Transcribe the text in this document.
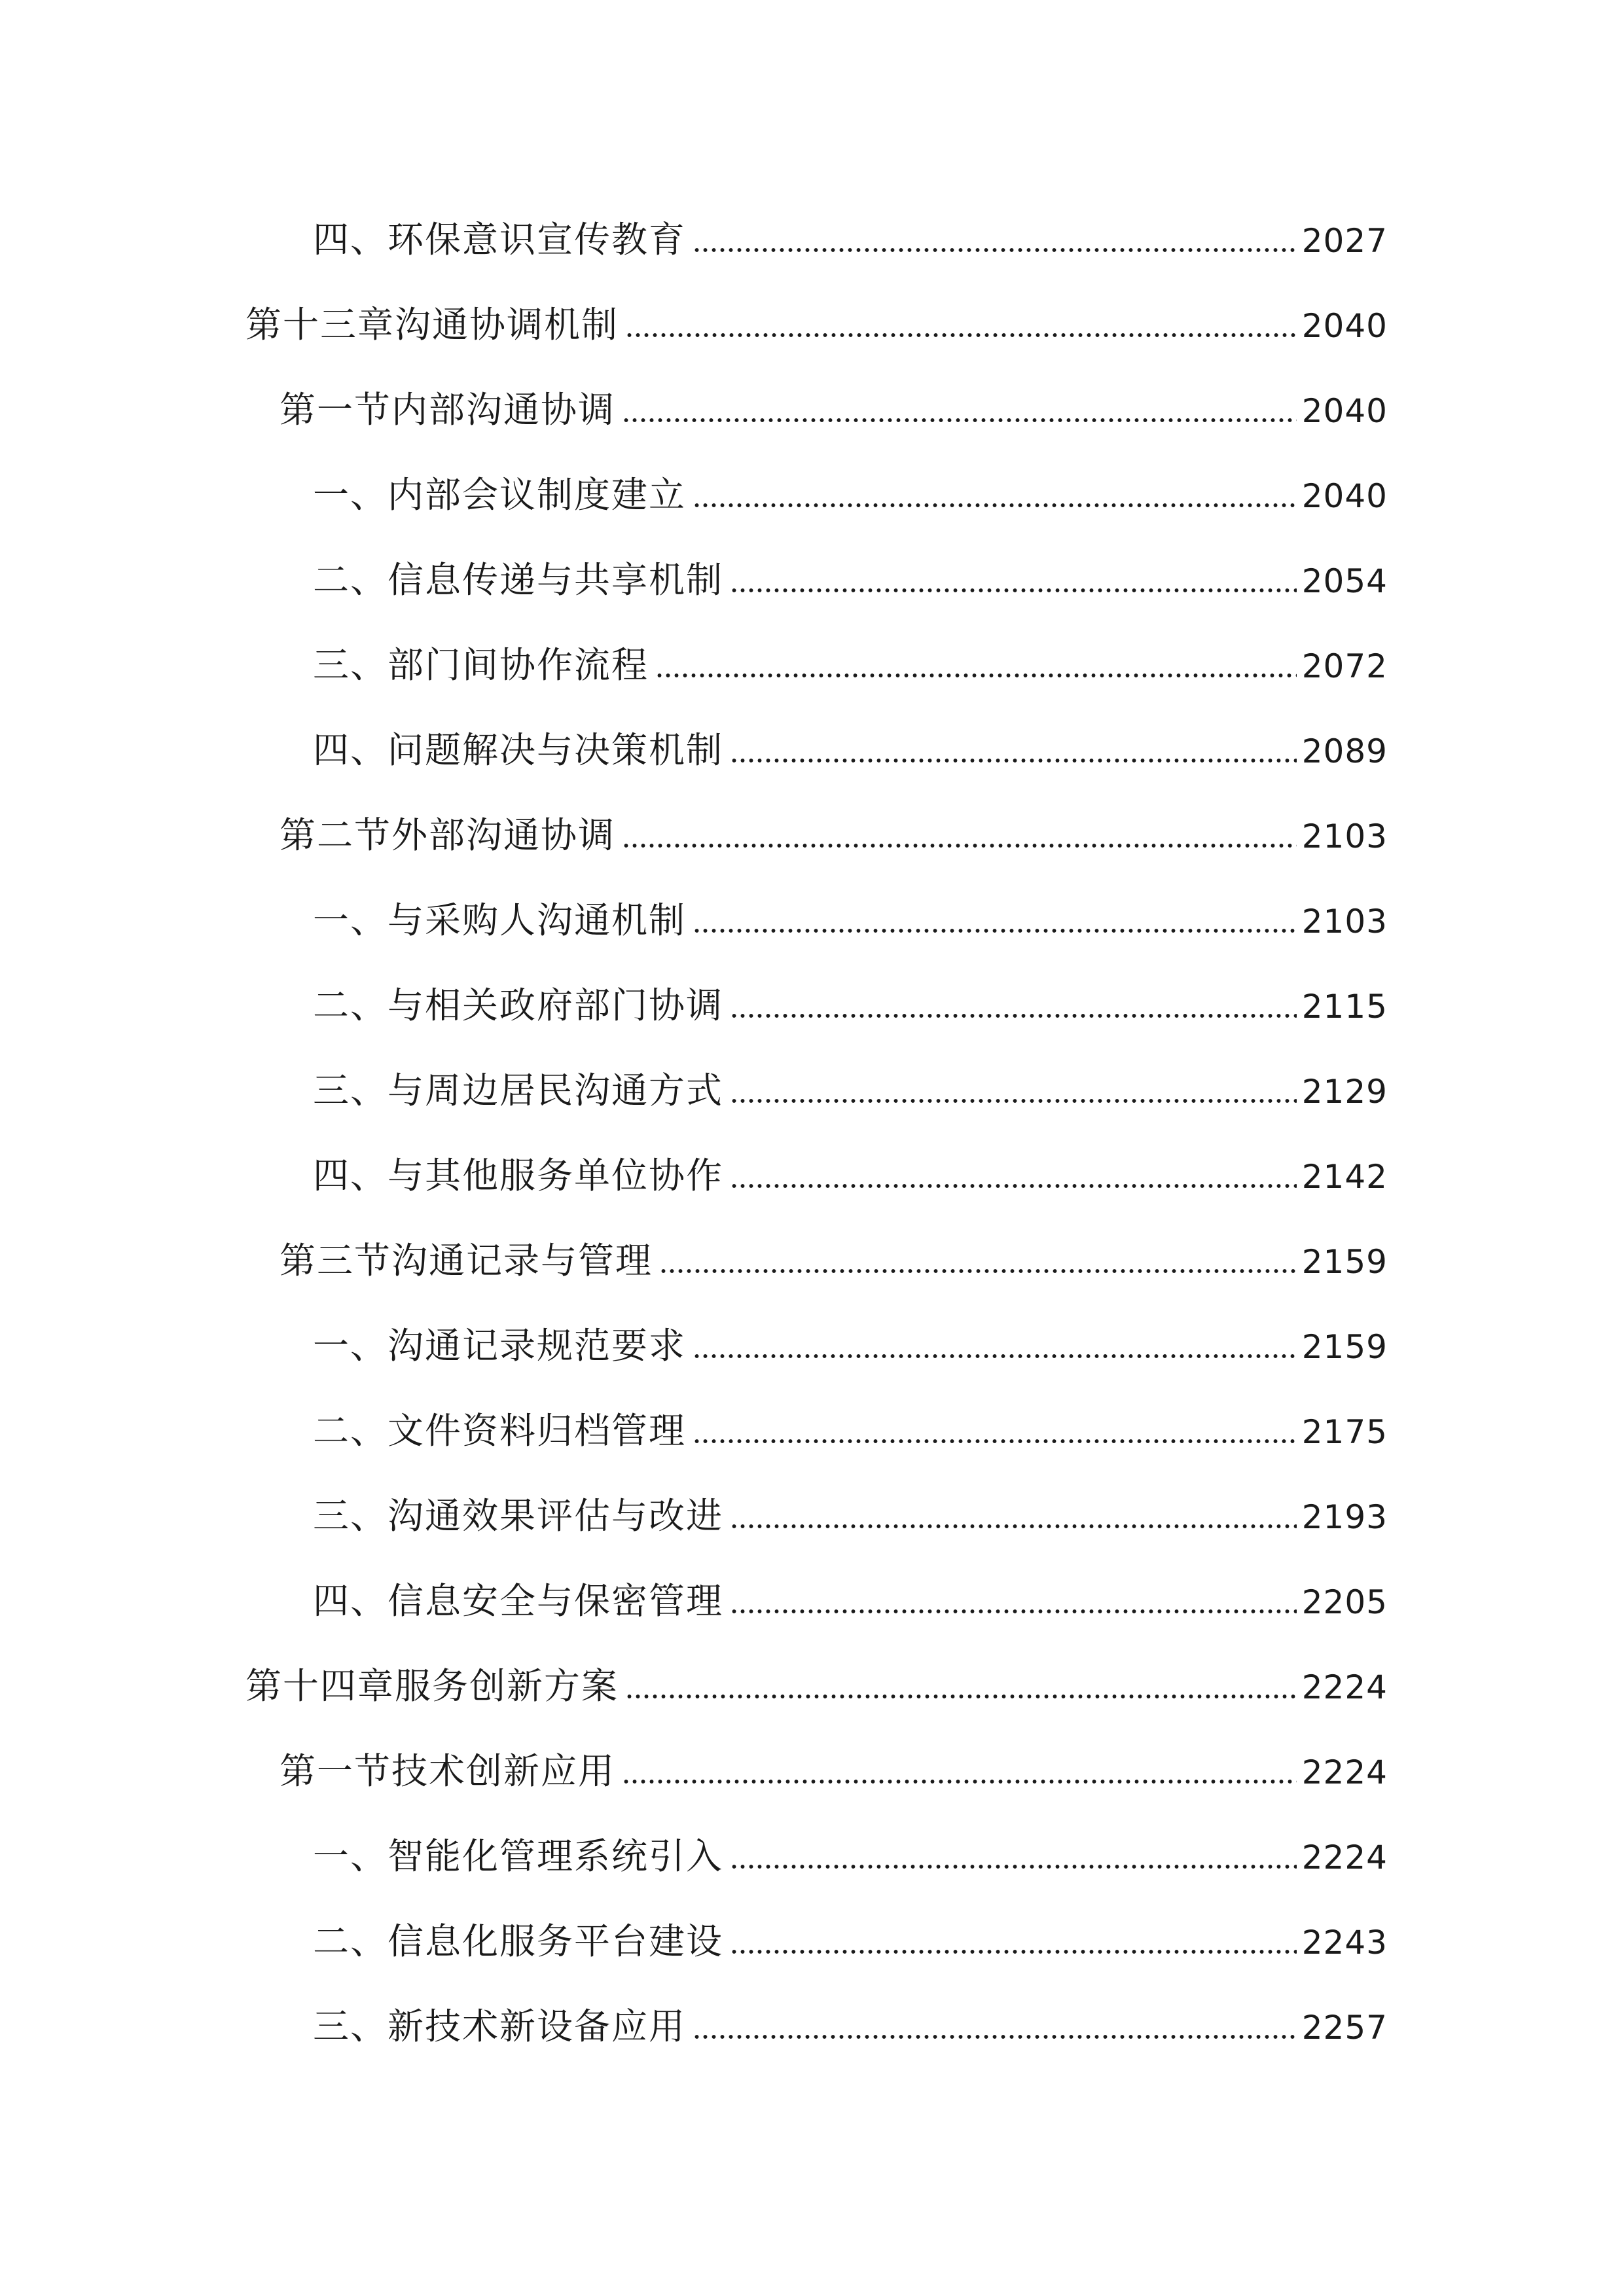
四、环保意识宣传教育	2027
第十三章沟通协调机制	2040
第一节内部沟通协调	2040
一、内部会议制度建立	2040
二、信息传递与共享机制	2054
三、部门间协作流程	2072
四、问题解决与决策机制	2089
第二节外部沟通协调	2103
一、与采购人沟通机制	2103
二、与相关政府部门协调	2115
三、与周边居民沟通方式	2129
四、与其他服务单位协作	2142
第三节沟通记录与管理	2159
一、沟通记录规范要求	2159
二、文件资料归档管理	2175
三、沟通效果评估与改进	2193
四、信息安全与保密管理	2205
第十四章服务创新方案	2224
第一节技术创新应用	2224
一、智能化管理系统引入	2224
二、信息化服务平台建设	2243
三、新技术新设备应用	2257
